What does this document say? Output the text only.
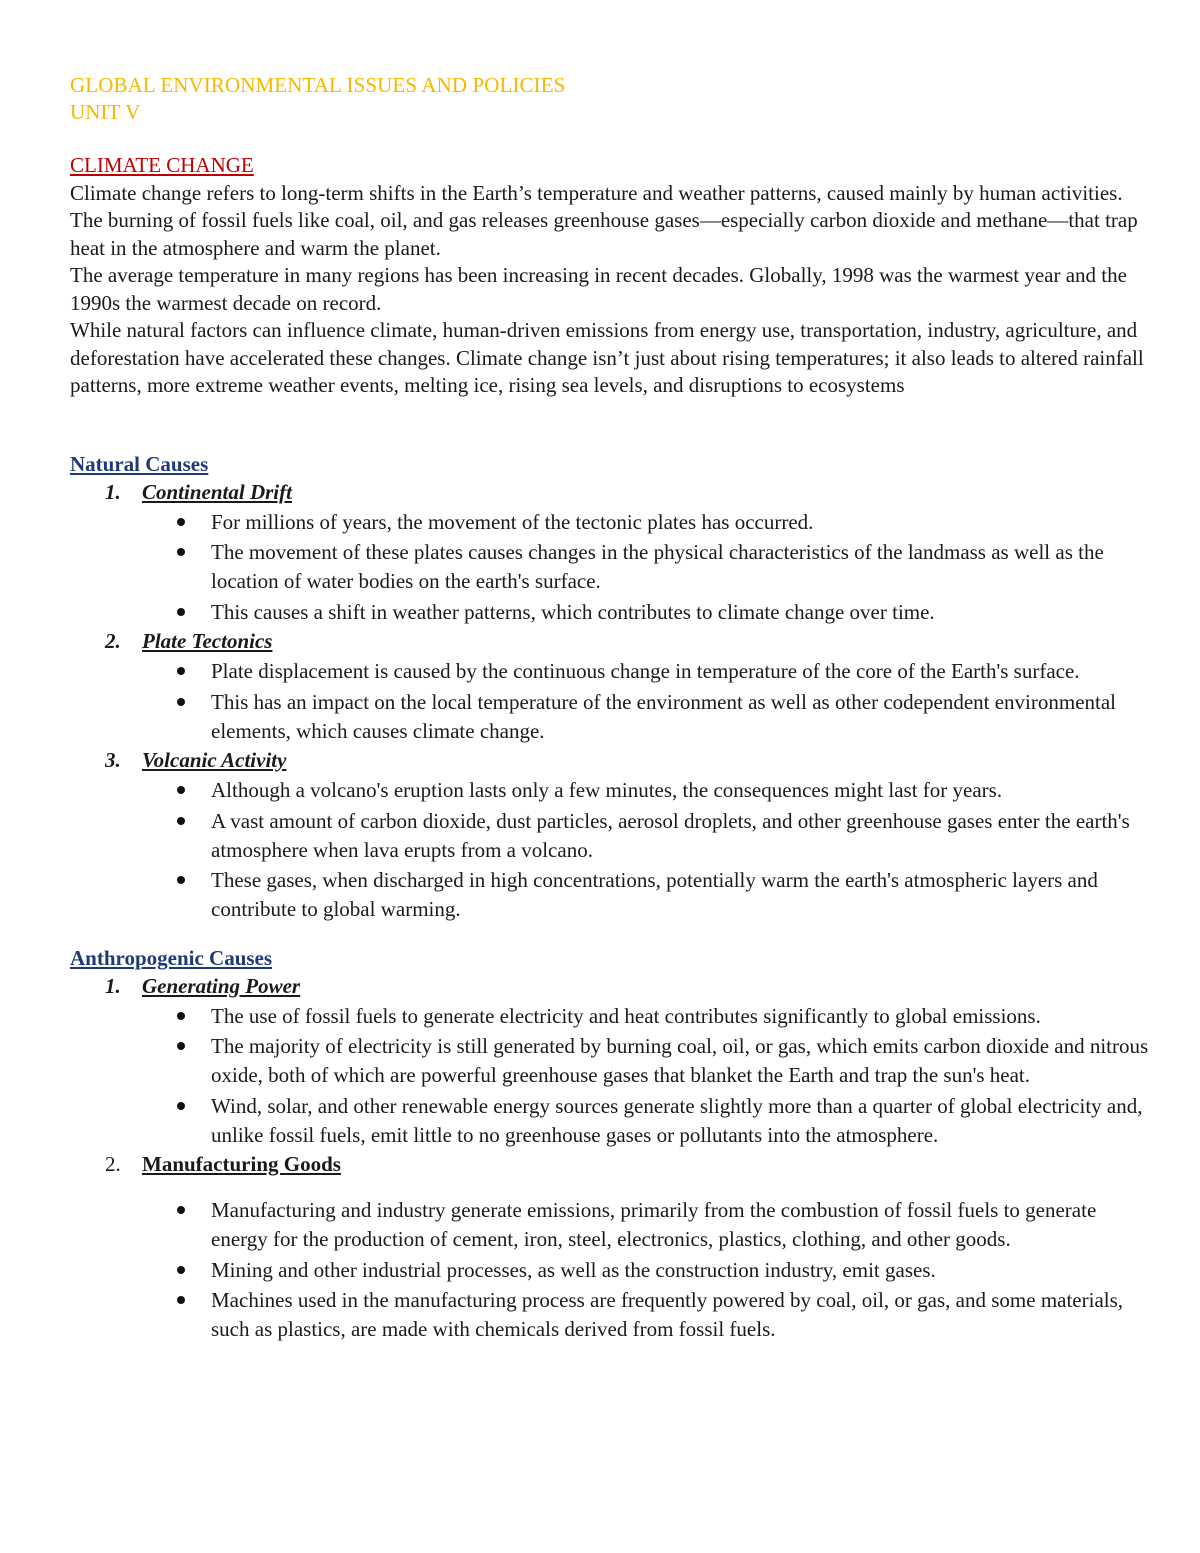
GLOBAL ENVIRONMENTAL ISSUES AND POLICIES

UNIT V

CLIMATE CHANGE

Climate change refers to long-term shifts in the Earth’s temperature and weather patterns, caused mainly by human activities. The burning of fossil fuels like coal, oil, and gas releases greenhouse gases—especially carbon dioxide and methane—that trap heat in the atmosphere and warm the planet.

The average temperature in many regions has been increasing in recent decades. Globally, 1998 was the warmest year and the 1990s the warmest decade on record.

While natural factors can influence climate, human-driven emissions from energy use, transportation, industry, agriculture, and deforestation have accelerated these changes. Climate change isn’t just about rising temperatures; it also leads to altered rainfall patterns, more extreme weather events, melting ice, rising sea levels, and disruptions to ecosystems

Natural Causes

1. Continental Drift
For millions of years, the movement of the tectonic plates has occurred.
The movement of these plates causes changes in the physical characteristics of the landmass as well as the location of water bodies on the earth's surface.
This causes a shift in weather patterns, which contributes to climate change over time.
2. Plate Tectonics
Plate displacement is caused by the continuous change in temperature of the core of the Earth's surface.
This has an impact on the local temperature of the environment as well as other codependent environmental elements, which causes climate change.
3. Volcanic Activity
Although a volcano's eruption lasts only a few minutes, the consequences might last for years.
A vast amount of carbon dioxide, dust particles, aerosol droplets, and other greenhouse gases enter the earth's atmosphere when lava erupts from a volcano.
These gases, when discharged in high concentrations, potentially warm the earth's atmospheric layers and contribute to global warming.

Anthropogenic Causes

1. Generating Power
The use of fossil fuels to generate electricity and heat contributes significantly to global emissions.
The majority of electricity is still generated by burning coal, oil, or gas, which emits carbon dioxide and nitrous oxide, both of which are powerful greenhouse gases that blanket the Earth and trap the sun's heat.
Wind, solar, and other renewable energy sources generate slightly more than a quarter of global electricity and, unlike fossil fuels, emit little to no greenhouse gases or pollutants into the atmosphere.
2. Manufacturing Goods
Manufacturing and industry generate emissions, primarily from the combustion of fossil fuels to generate energy for the production of cement, iron, steel, electronics, plastics, clothing, and other goods.
Mining and other industrial processes, as well as the construction industry, emit gases.
Machines used in the manufacturing process are frequently powered by coal, oil, or gas, and some materials, such as plastics, are made with chemicals derived from fossil fuels.
